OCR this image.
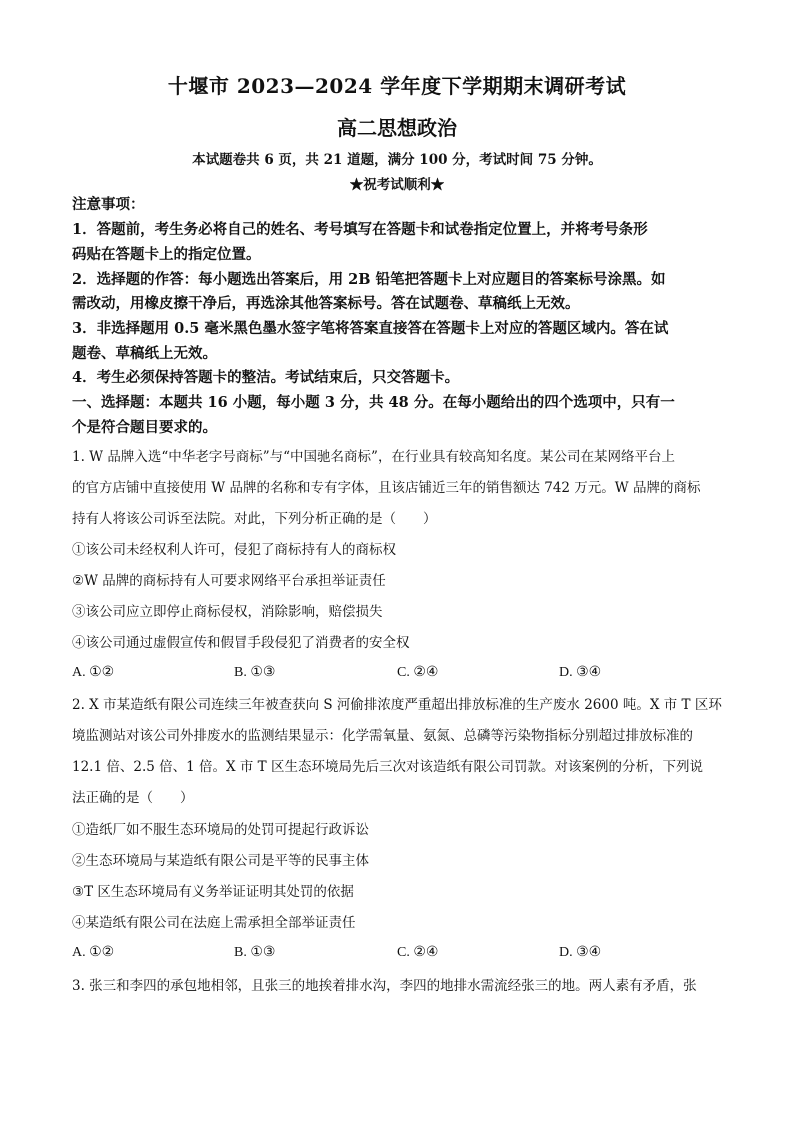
十堰市 2023—2024 学年度下学期期末调研考试
高二思想政治
本试题卷共 6 页，共 21 道题，满分 100 分，考试时间 75 分钟。
★祝考试顺利★
注意事项：
1．答题前，考生务必将自己的姓名、考号填写在答题卡和试卷指定位置上，并将考号条形
码贴在答题卡上的指定位置。
2．选择题的作答：每小题选出答案后，用 2B 铅笔把答题卡上对应题目的答案标号涂黑。如
需改动，用橡皮擦干净后，再选涂其他答案标号。答在试题卷、草稿纸上无效。
3．非选择题用 0.5 毫米黑色墨水签字笔将答案直接答在答题卡上对应的答题区域内。答在试
题卷、草稿纸上无效。
4．考生必须保持答题卡的整洁。考试结束后，只交答题卡。
一、选择题：本题共 16 小题，每小题 3 分，共 48 分。在每小题给出的四个选项中，只有一
个是符合题目要求的。
1. W 品牌入选“中华老字号商标”与“中国驰名商标”，在行业具有较高知名度。某公司在某网络平台上
的官方店铺中直接使用 W 品牌的名称和专有字体，且该店铺近三年的销售额达 742 万元。W 品牌的商标
持有人将该公司诉至法院。对此，下列分析正确的是（　　）
①该公司未经权利人许可，侵犯了商标持有人的商标权
②W 品牌的商标持有人可要求网络平台承担举证责任
③该公司应立即停止商标侵权，消除影响，赔偿损失
④该公司通过虚假宣传和假冒手段侵犯了消费者的安全权
A. ①②	B. ①③	C. ②④	D. ③④
2. X 市某造纸有限公司连续三年被查获向 S 河偷排浓度严重超出排放标准的生产废水 2600 吨。X 市 T 区环
境监测站对该公司外排废水的监测结果显示：化学需氧量、氨氮、总磷等污染物指标分别超过排放标准的
12.1 倍、2.5 倍、1 倍。X 市 T 区生态环境局先后三次对该造纸有限公司罚款。对该案例的分析，下列说
法正确的是（　　）
①造纸厂如不服生态环境局的处罚可提起行政诉讼
②生态环境局与某造纸有限公司是平等的民事主体
③T 区生态环境局有义务举证证明其处罚的依据
④某造纸有限公司在法庭上需承担全部举证责任
A. ①②	B. ①③	C. ②④	D. ③④
3. 张三和李四的承包地相邻，且张三的地挨着排水沟，李四的地排水需流经张三的地。两人素有矛盾，张
